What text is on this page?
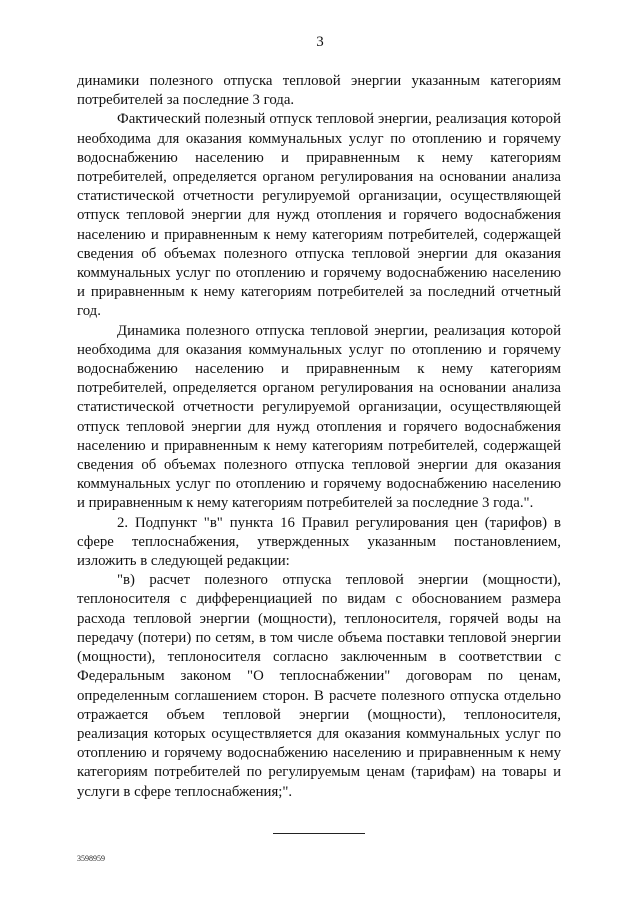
3

динамики полезного отпуска тепловой энергии указанным категориям потребителей за последние 3 года.

Фактический полезный отпуск тепловой энергии, реализация которой необходима для оказания коммунальных услуг по отоплению и горячему водоснабжению населению и приравненным к нему категориям потребителей, определяется органом регулирования на основании анализа статистической отчетности регулируемой организации, осуществляющей отпуск тепловой энергии для нужд отопления и горячего водоснабжения населению и приравненным к нему категориям потребителей, содержащей сведения об объемах полезного отпуска тепловой энергии для оказания коммунальных услуг по отоплению и горячему водоснабжению населению и приравненным к нему категориям потребителей за последний отчетный год.

Динамика полезного отпуска тепловой энергии, реализация которой необходима для оказания коммунальных услуг по отоплению и горячему водоснабжению населению и приравненным к нему категориям потребителей, определяется органом регулирования на основании анализа статистической отчетности регулируемой организации, осуществляющей отпуск тепловой энергии для нужд отопления и горячего водоснабжения населению и приравненным к нему категориям потребителей, содержащей сведения об объемах полезного отпуска тепловой энергии для оказания коммунальных услуг по отоплению и горячему водоснабжению населению и приравненным к нему категориям потребителей за последние 3 года.".

2. Подпункт "в" пункта 16 Правил регулирования цен (тарифов) в сфере теплоснабжения, утвержденных указанным постановлением, изложить в следующей редакции:

"в) расчет полезного отпуска тепловой энергии (мощности), теплоносителя с дифференциацией по видам с обоснованием размера расхода тепловой энергии (мощности), теплоносителя, горячей воды на передачу (потери) по сетям, в том числе объема поставки тепловой энергии (мощности), теплоносителя согласно заключенным в соответствии с Федеральным законом "О теплоснабжении" договорам по ценам, определенным соглашением сторон. В расчете полезного отпуска отдельно отражается объем тепловой энергии (мощности), теплоносителя, реализация которых осуществляется для оказания коммунальных услуг по отоплению и горячему водоснабжению населению и приравненным к нему категориям потребителей по регулируемым ценам (тарифам) на товары и услуги в сфере теплоснабжения;".

3598959
